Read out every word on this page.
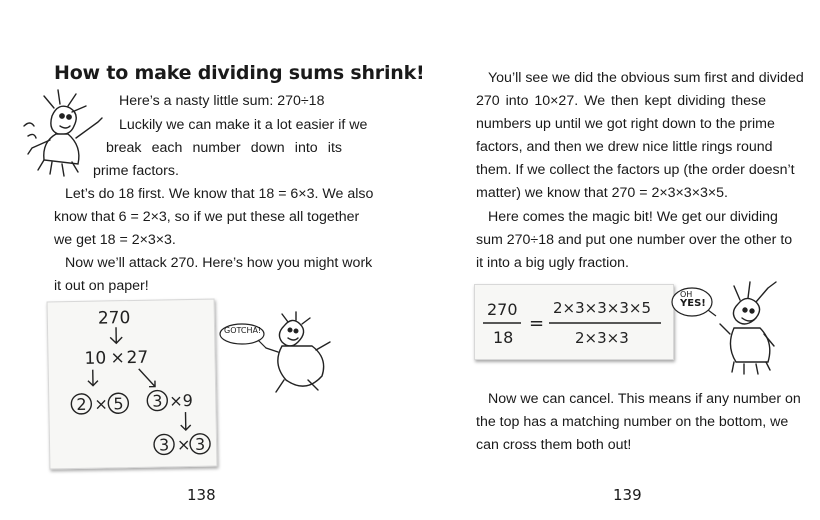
How to make dividing sums shrink!
Here’s a nasty little sum: 270÷18
Luckily we can make it a lot easier if we
break each number down into its
prime factors.
Let’s do 18 first. We know that 18 = 6×3. We also
know that 6 = 2×3, so if we put these all together
we get 18 = 2×3×3.
Now we’ll attack 270. Here’s how you might work
it out on paper!
270
10 × 27
2 × 5 3 ×9
3 × 3
GOTCHA!
138
You’ll see we did the obvious sum first and divided
270 into 10×27. We then kept dividing these
numbers up until we got right down to the prime
factors, and then we drew nice little rings round
them. If we collect the factors up (the order doesn’t
matter) we know that 270 = 2×3×3×3×5.
Here comes the magic bit! We get our dividing
sum 270÷18 and put one number over the other to
it into a big ugly fraction.
270
18
=
2×3×3×3×5
2×3×3
OH
YES!
Now we can cancel. This means if any number on
the top has a matching number on the bottom, we
can cross them both out!
139
